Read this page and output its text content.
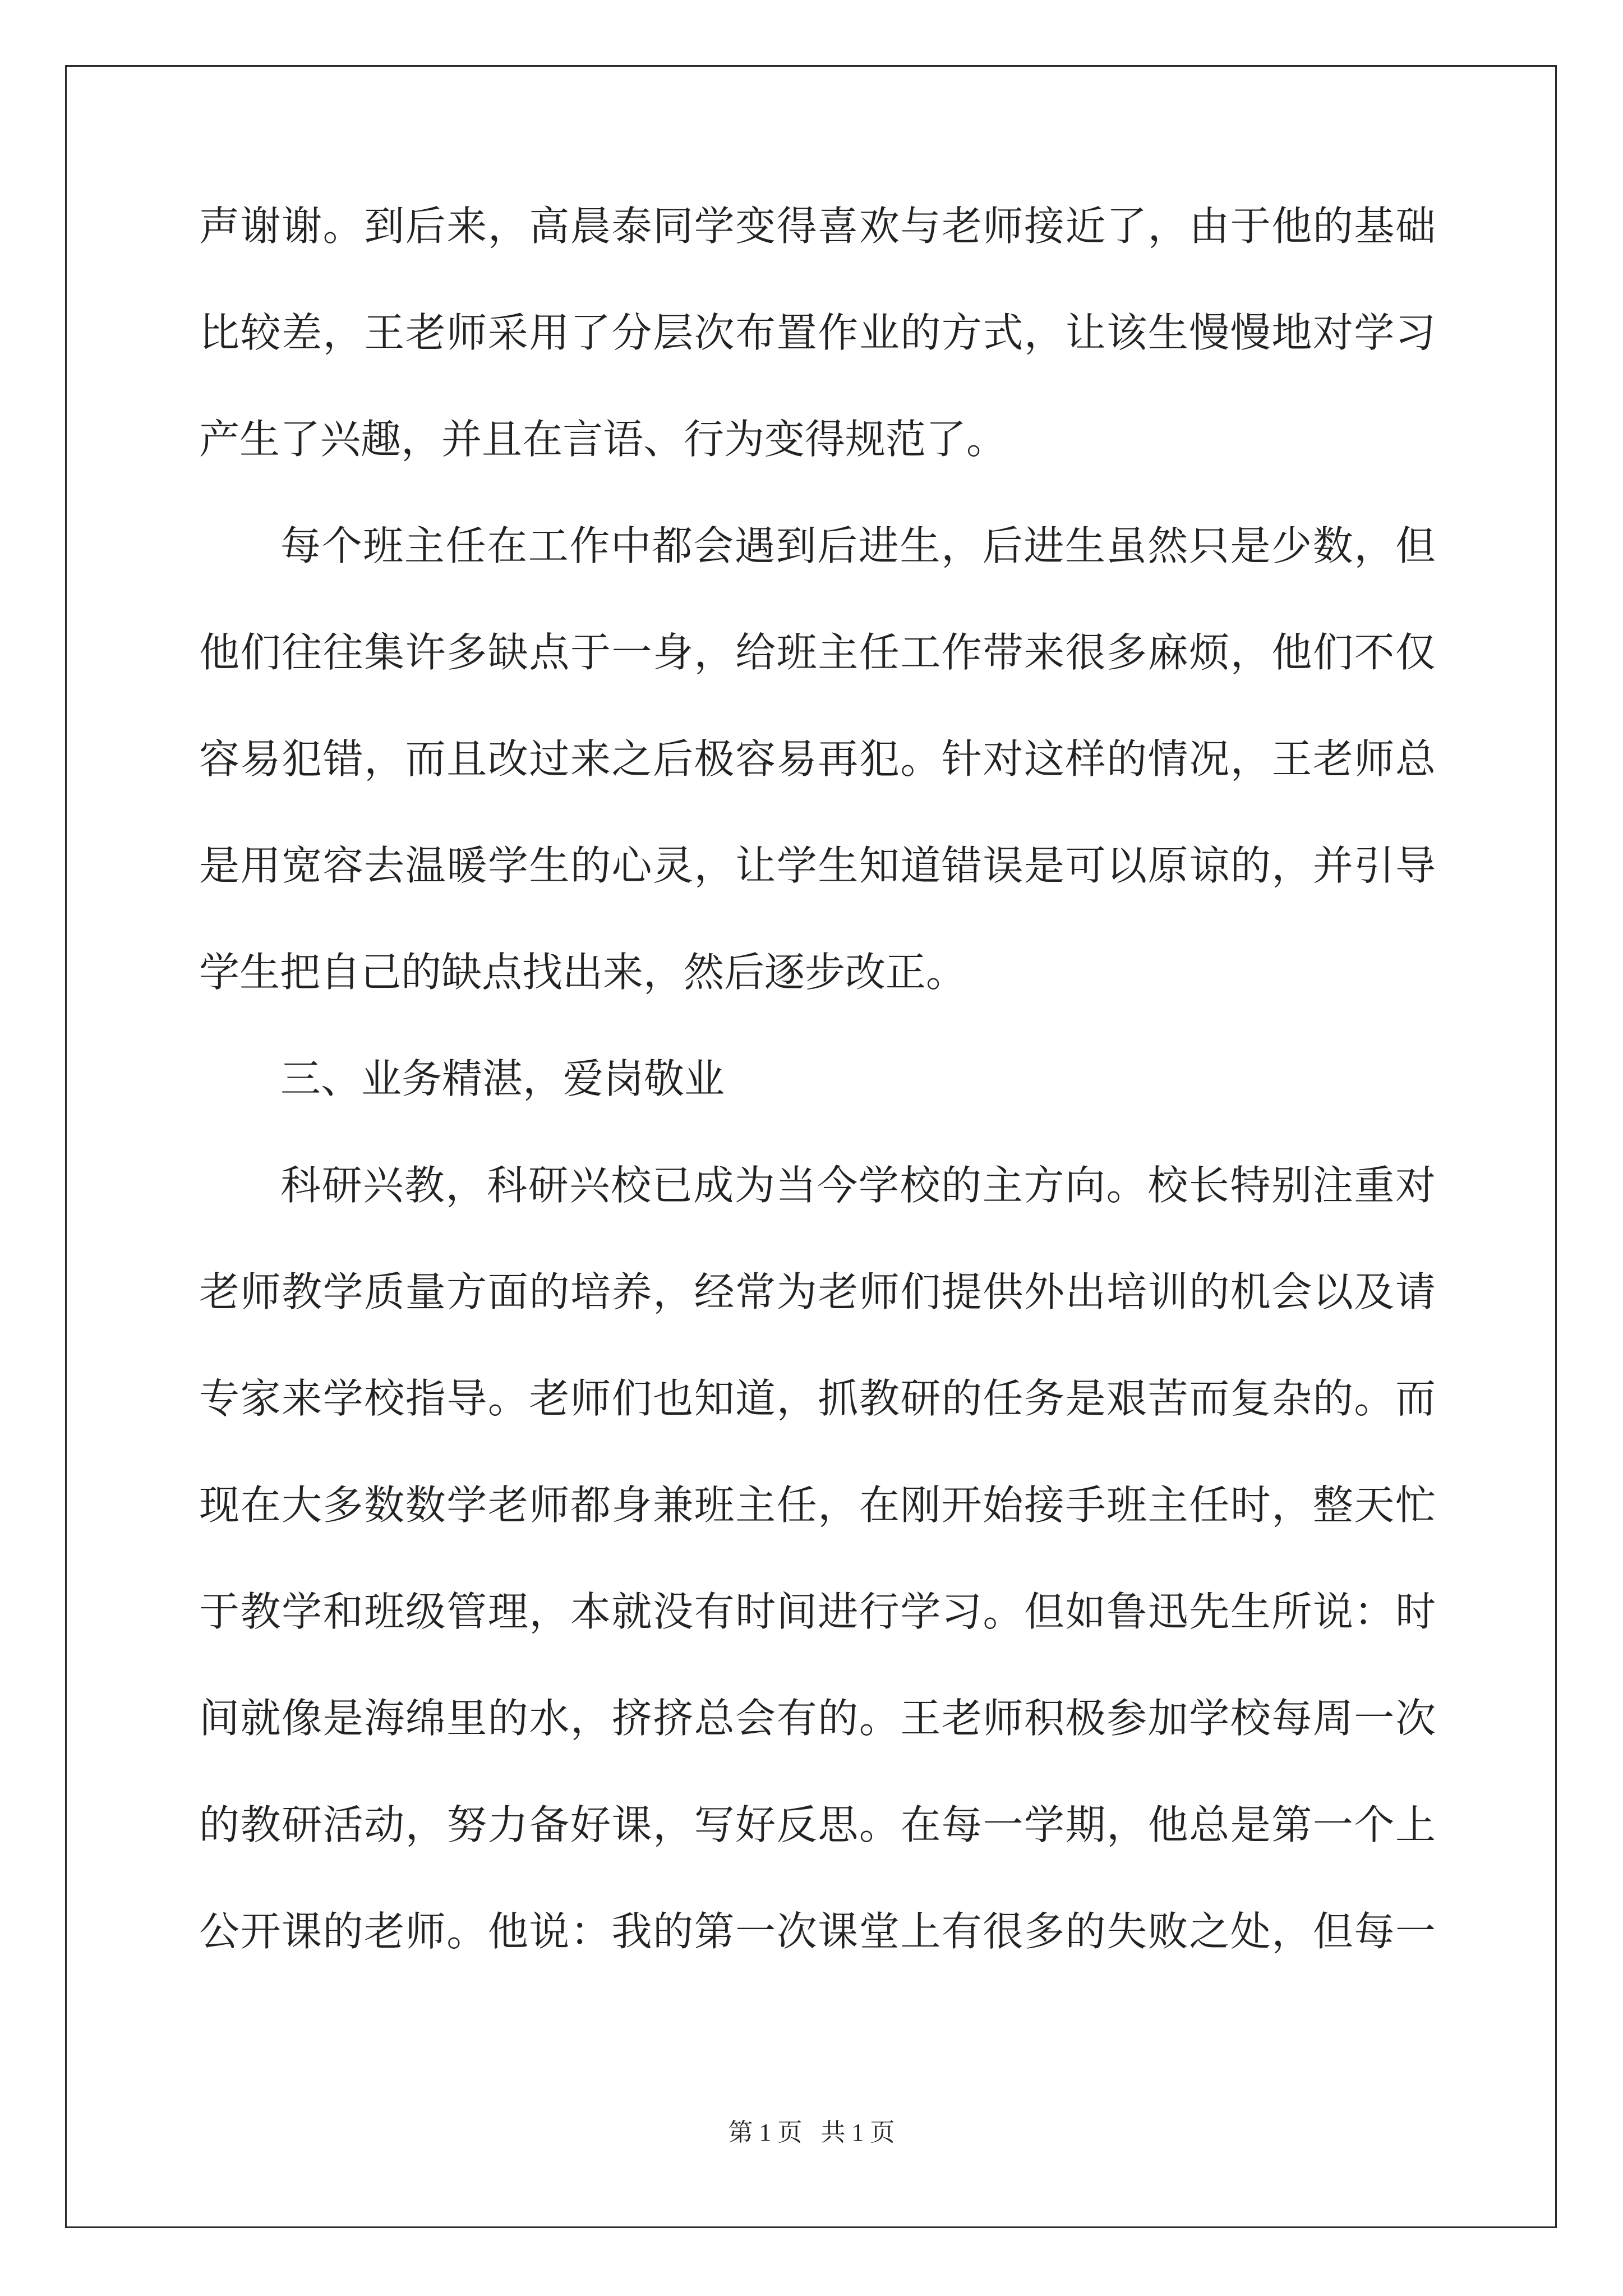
声谢谢。到后来，高晨泰同学变得喜欢与老师接近了，由于他的基础
比较差，王老师采用了分层次布置作业的方式，让该生慢慢地对学习
产生了兴趣，并且在言语、行为变得规范了。
每个班主任在工作中都会遇到后进生，后进生虽然只是少数，但
他们往往集许多缺点于一身，给班主任工作带来很多麻烦，他们不仅
容易犯错，而且改过来之后极容易再犯。针对这样的情况，王老师总
是用宽容去温暖学生的心灵，让学生知道错误是可以原谅的，并引导
学生把自己的缺点找出来，然后逐步改正。
三、业务精湛，爱岗敬业
科研兴教，科研兴校已成为当今学校的主方向。校长特别注重对
老师教学质量方面的培养，经常为老师们提供外出培训的机会以及请
专家来学校指导。老师们也知道，抓教研的任务是艰苦而复杂的。而
现在大多数数学老师都身兼班主任，在刚开始接手班主任时，整天忙
于教学和班级管理，本就没有时间进行学习。但如鲁迅先生所说：时
间就像是海绵里的水，挤挤总会有的。王老师积极参加学校每周一次
的教研活动，努力备好课，写好反思。在每一学期，他总是第一个上
公开课的老师。他说：我的第一次课堂上有很多的失败之处，但每一
第 1 页   共 1 页
